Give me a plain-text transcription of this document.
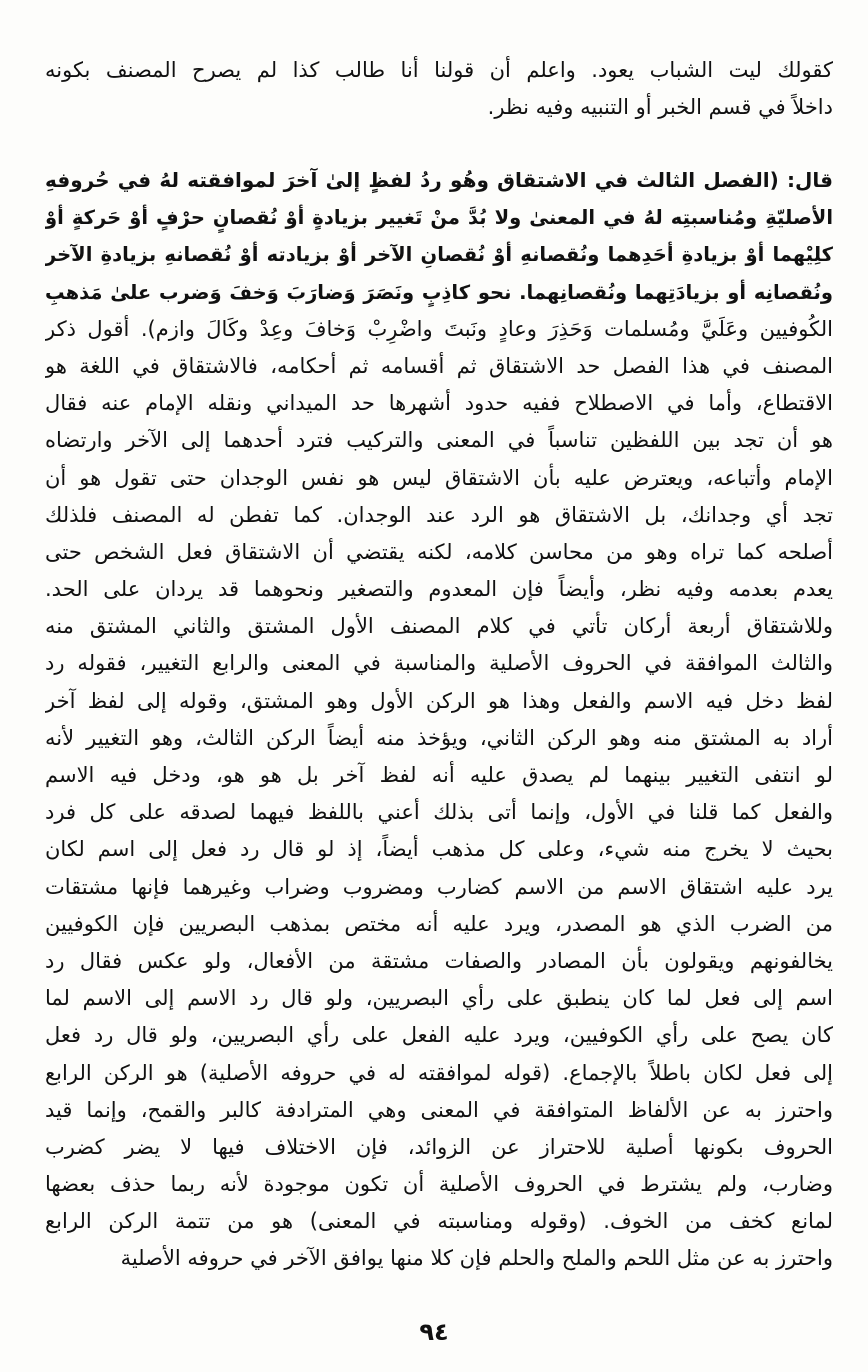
كقولك ليت الشباب يعود. واعلم أن قولنا أنا طالب كذا لم يصرح المصنف بكونه
داخلاً في قسم الخبر أو التنبيه وفيه نظر.
قال: (الفصل الثالث في الاشتقاق وهُو ردُ لفظٍ إلىٰ آخرَ لموافقته لهُ في حُروفهِ
الأصليّةِ ومُناسبتِه لهُ في المعنىٰ ولا بُدَّ منْ تَغيير بزيادةٍ أوْ نُقصانٍ حرْفٍ أوْ حَركةٍ أوْ
كلِيْهما أوْ بزيادةِ أحَدِهما ونُقصانهِ أوْ نُقصانِ الآخر أوْ بزيادته أوْ نُقصانهِ بزيادةِ الآخر
ونُقصانِه أو بزيادَتِهما ونُقصانِهما. نحو كاذِبٍ ونَصَرَ وَضارَبَ وَخفَ وَضرب علىٰ مَذهبِ
الكُوفيين وعَلَيَّ ومُسلمات وَحَذِرَ وعادٍ ونَبتَ واضْرِبْ وَخافَ وعِدْ وكَالَ وازم). أقول ذكر
المصنف في هذا الفصل حد الاشتقاق ثم أقسامه ثم أحكامه، فالاشتقاق في اللغة هو
الاقتطاع، وأما في الاصطلاح ففيه حدود أشهرها حد الميداني ونقله الإمام عنه فقال
هو أن تجد بين اللفظين تناسباً في المعنى والتركيب فترد أحدهما إلى الآخر وارتضاه
الإمام وأتباعه، ويعترض عليه بأن الاشتقاق ليس هو نفس الوجدان حتى تقول هو أن
تجد أي وجدانك، بل الاشتقاق هو الرد عند الوجدان. كما تفطن له المصنف فلذلك
أصلحه كما تراه وهو من محاسن كلامه، لكنه يقتضي أن الاشتقاق فعل الشخص حتى
يعدم بعدمه وفيه نظر، وأيضاً فإن المعدوم والتصغير ونحوهما قد يردان على الحد.
وللاشتقاق أربعة أركان تأتي في كلام المصنف الأول المشتق والثاني المشتق منه
والثالث الموافقة في الحروف الأصلية والمناسبة في المعنى والرابع التغيير، فقوله رد
لفظ دخل فيه الاسم والفعل وهذا هو الركن الأول وهو المشتق، وقوله إلى لفظ آخر
أراد به المشتق منه وهو الركن الثاني، ويؤخذ منه أيضاً الركن الثالث، وهو التغيير لأنه
لو انتفى التغيير بينهما لم يصدق عليه أنه لفظ آخر بل هو هو، ودخل فيه الاسم
والفعل كما قلنا في الأول، وإنما أتى بذلك أعني باللفظ فيهما لصدقه على كل فرد
بحيث لا يخرج منه شيء، وعلى كل مذهب أيضاً، إذ لو قال رد فعل إلى اسم لكان
يرد عليه اشتقاق الاسم من الاسم كضارب ومضروب وضراب وغيرهما فإنها مشتقات
من الضرب الذي هو المصدر، ويرد عليه أنه مختص بمذهب البصريين فإن الكوفيين
يخالفونهم ويقولون بأن المصادر والصفات مشتقة من الأفعال، ولو عكس فقال رد
اسم إلى فعل لما كان ينطبق على رأي البصريين، ولو قال رد الاسم إلى الاسم لما
كان يصح على رأي الكوفيين، ويرد عليه الفعل على رأي البصريين، ولو قال رد فعل
إلى فعل لكان باطلاً بالإجماع. (قوله لموافقته له في حروفه الأصلية) هو الركن الرابع
واحترز به عن الألفاظ المتوافقة في المعنى وهي المترادفة كالبر والقمح، وإنما قيد
الحروف بكونها أصلية للاحتراز عن الزوائد، فإن الاختلاف فيها لا يضر كضرب
وضارب، ولم يشترط في الحروف الأصلية أن تكون موجودة لأنه ربما حذف بعضها
لمانع كخف من الخوف. (وقوله ومناسبته في المعنى) هو من تتمة الركن الرابع
واحترز به عن مثل اللحم والملح والحلم فإن كلا منها يوافق الآخر في حروفه الأصلية
٩٤
